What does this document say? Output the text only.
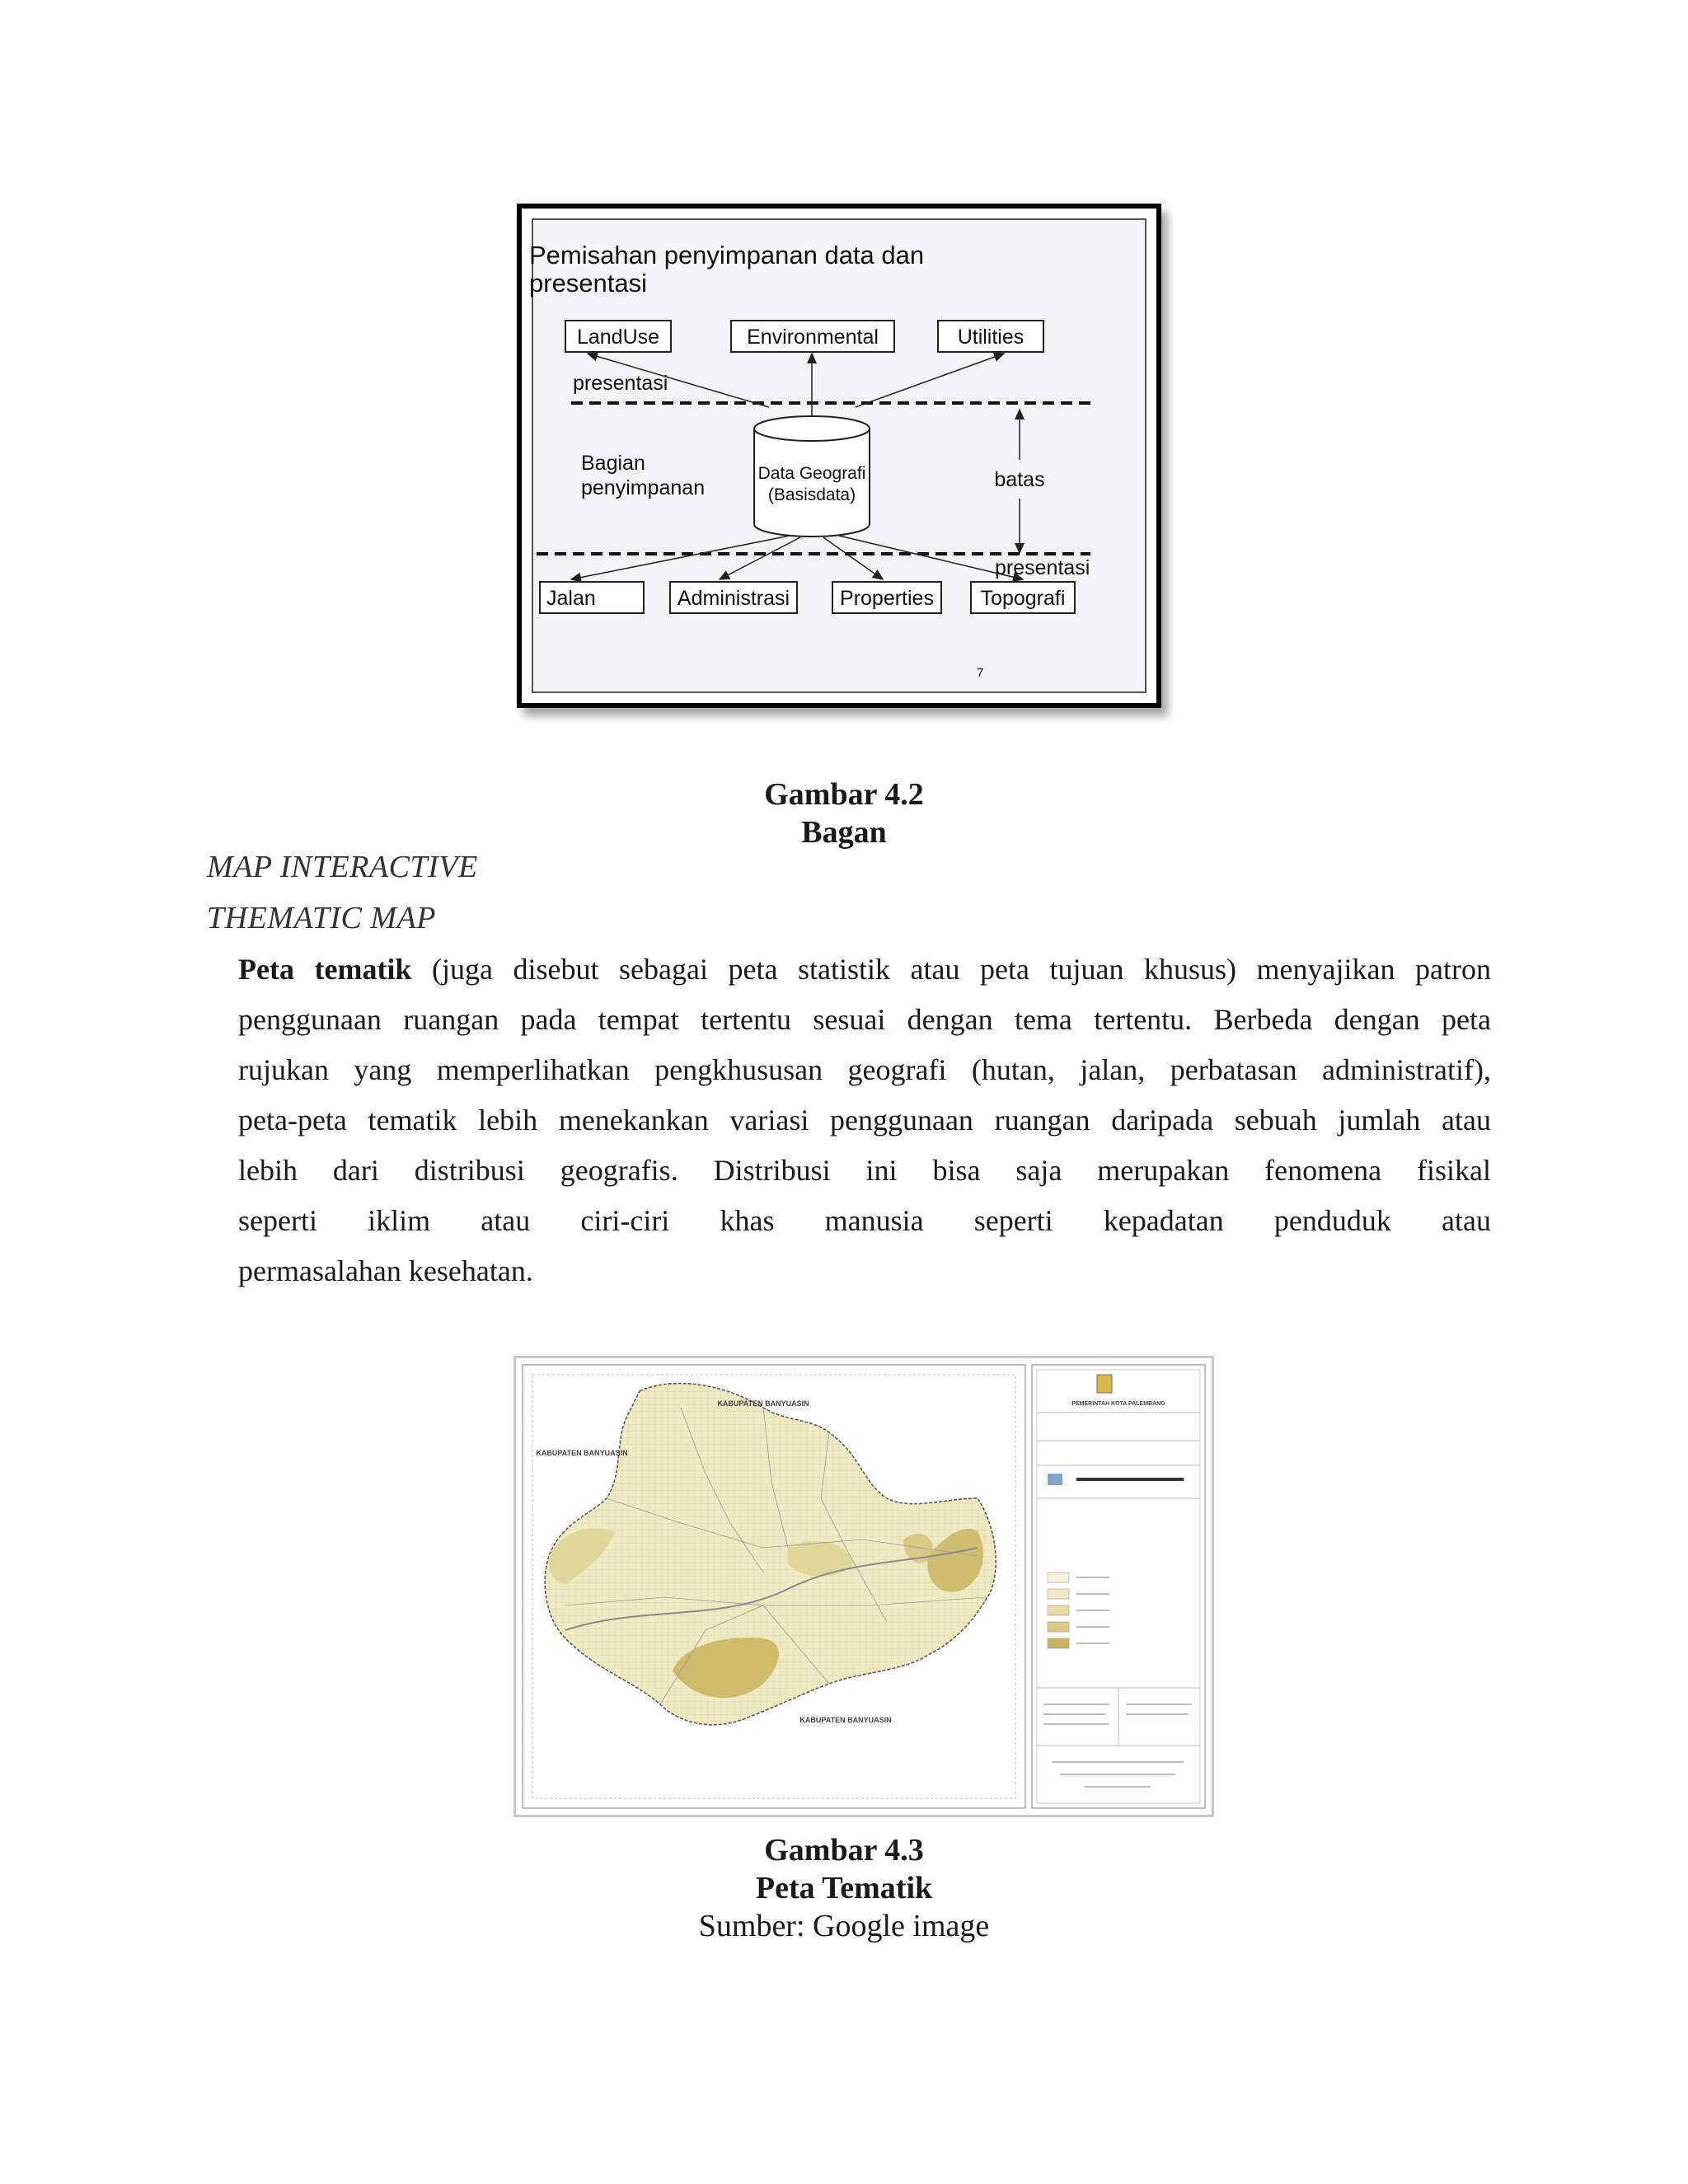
Pemisahan penyimpanan data dan
presentasi
LandUse	Environmental	Utilities
presentasi
Bagian
penyimpanan
Data Geografi
(Basisdata)
batas
presentasi
Jalan	Administrasi Properties Topografi
7
Gambar 4.2
Bagan
MAP INTERACTIVE
THEMATIC MAP
Peta tematik (juga disebut sebagai peta statistik atau peta tujuan khusus) menyajikan patron
penggunaan ruangan pada tempat tertentu sesuai dengan tema tertentu. Berbeda dengan peta
rujukan yang memperlihatkan pengkhususan geografi (hutan, jalan, perbatasan administratif),
peta-peta tematik lebih menekankan variasi penggunaan ruangan daripada sebuah jumlah atau
lebih dari distribusi geografis. Distribusi ini bisa saja merupakan fenomena fisikal
seperti iklim atau ciri-ciri khas manusia seperti kepadatan penduduk atau
permasalahan kesehatan.
KABUPATEN BANYUASIN
KABUPATEN BANYUASIN
KABUPATEN BANYUASIN
PEMERINTAH KOTA PALEMBANG
Gambar 4.3
Peta Tematik
Sumber: Google image
